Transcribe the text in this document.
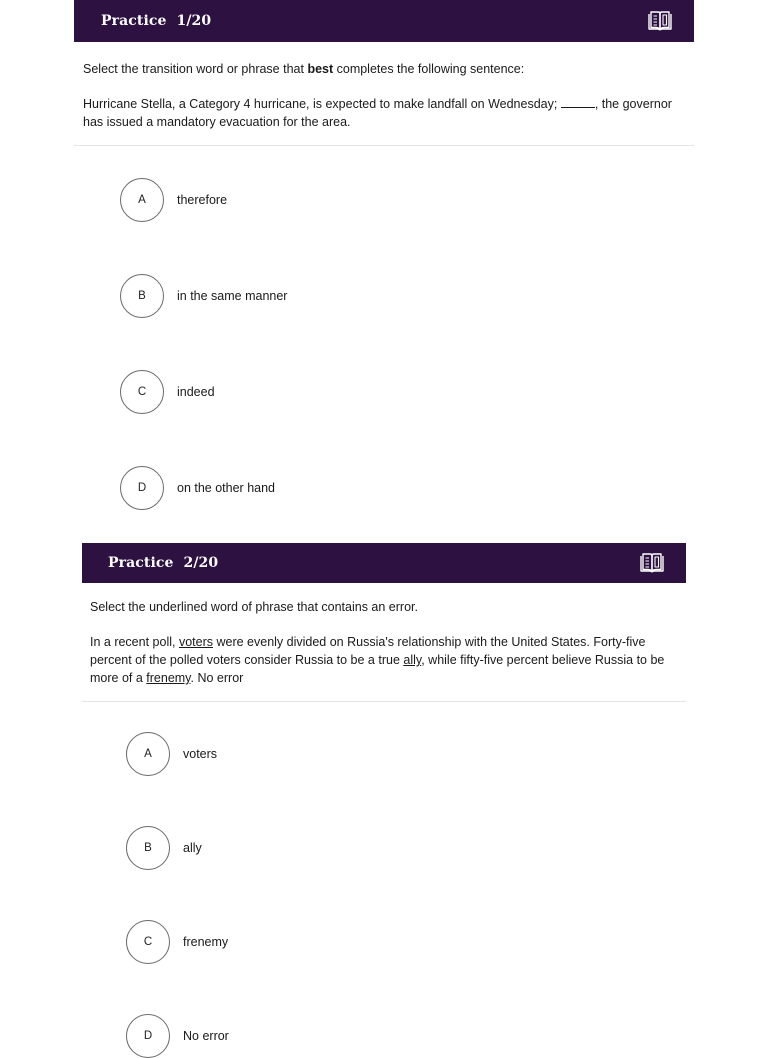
Practice 1/20

Select the transition word or phrase that best completes the following sentence:

Hurricane Stella, a Category 4 hurricane, is expected to make landfall on Wednesday;	, the governor has issued a mandatory evacuation for the area.

A	therefore
B	in the same manner
C	indeed
D	on the other hand
Practice 2/20

Select the underlined word of phrase that contains an error.

In a recent poll, voters were evenly divided on Russia's relationship with the United States. Forty-five percent of the polled voters consider Russia to be a true ally, while fifty-five percent believe Russia to be more of a frenemy. No error

A	voters
B	ally
C	frenemy
D	No error
